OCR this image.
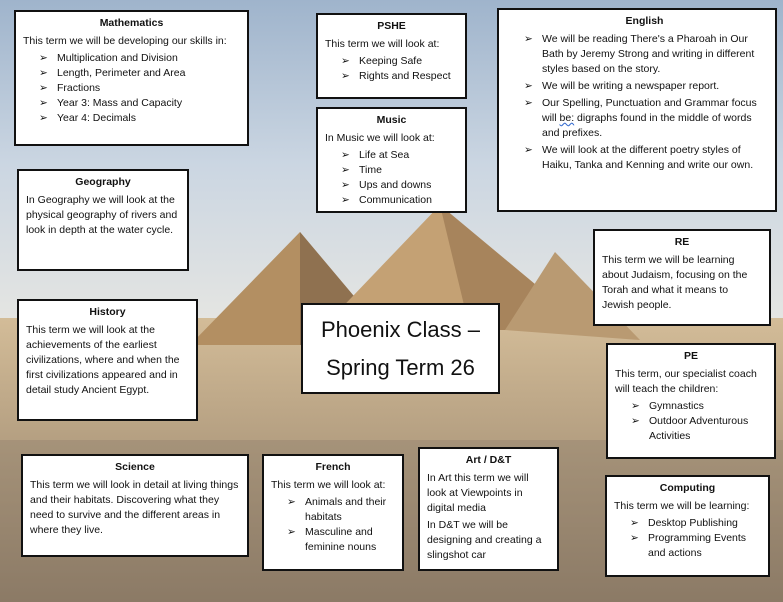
Mathematics

This term we will be developing our skills in:

➢ Multiplication and Division
➢ Length, Perimeter and Area
➢ Fractions
➢ Year 3: Mass and Capacity
➢ Year 4: Decimals
PSHE

This term we will look at:

➢ Keeping Safe
➢ Rights and Respect
Music

In Music we will look at:

➢ Life at Sea
➢ Time
➢ Ups and downs
➢ Communication
English
➢ We will be reading There's a Pharoah in Our Bath by Jeremy Strong and writing in different styles based on the story.
➢ We will be writing a newspaper report.
➢ Our Spelling, Punctuation and Grammar focus will be: digraphs found in the middle of words and prefixes.
➢ We will look at the different poetry styles of Haiku, Tanka and Kenning and write our own.
Geography

In Geography we will look at the physical geography of rivers and look in depth at the water cycle.

RE

This term we will be learning about Judaism, focusing on the Torah and what it means to Jewish people.

History

This term we will look at the achievements of the earliest civilizations, where and when the first civilizations appeared and in detail study Ancient Egypt.

Phoenix Class –
Spring Term 26	PE

This term, our specialist coach will teach the children:

➢ Gymnastics
➢ Outdoor Adventurous Activities
Science

This term we will look in detail at living things and their habitats. Discovering what they need to survive and the different areas in where they live.

French

This term we will look at:

➢ Animals and their habitats
➢ Masculine and feminine nouns
Art / D&T

In Art this term we will look at Viewpoints in digital media

In D&T we will be designing and creating a slingshot car

Computing

This term we will be learning:

➢ Desktop Publishing
➢ Programming Events and actions
